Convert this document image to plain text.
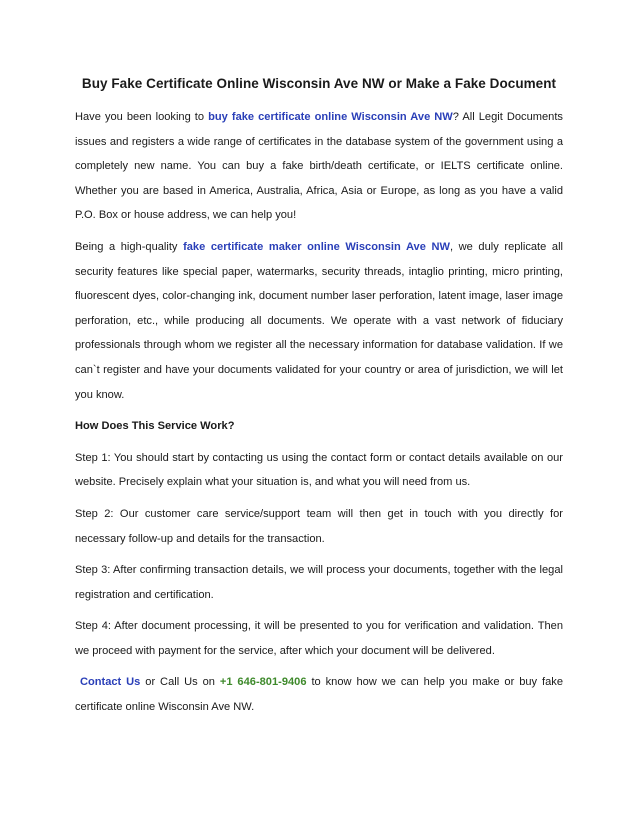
Buy Fake Certificate Online Wisconsin Ave NW or Make a Fake Document

Have you been looking to buy fake certificate online Wisconsin Ave NW? All Legit Documents issues and registers a wide range of certificates in the database system of the government using a completely new name. You can buy a fake birth/death certificate, or IELTS certificate online. Whether you are based in America, Australia, Africa, Asia or Europe, as long as you have a valid P.O. Box or house address, we can help you!

Being a high-quality fake certificate maker online Wisconsin Ave NW, we duly replicate all security features like special paper, watermarks, security threads, intaglio printing, micro printing, fluorescent dyes, color-changing ink, document number laser perforation, latent image, laser image perforation, etc., while producing all documents. We operate with a vast network of fiduciary professionals through whom we register all the necessary information for database validation. If we can`t register and have your documents validated for your country or area of jurisdiction, we will let you know.

How Does This Service Work?

Step 1: You should start by contacting us using the contact form or contact details available on our website. Precisely explain what your situation is, and what you will need from us.

Step 2: Our customer care service/support team will then get in touch with you directly for necessary follow-up and details for the transaction.

Step 3: After confirming transaction details, we will process your documents, together with the legal registration and certification.

Step 4: After document processing, it will be presented to you for verification and validation. Then we proceed with payment for the service, after which your document will be delivered.

Contact Us or Call Us on +1 646-801-9406 to know how we can help you make or buy fake certificate online Wisconsin Ave NW.
